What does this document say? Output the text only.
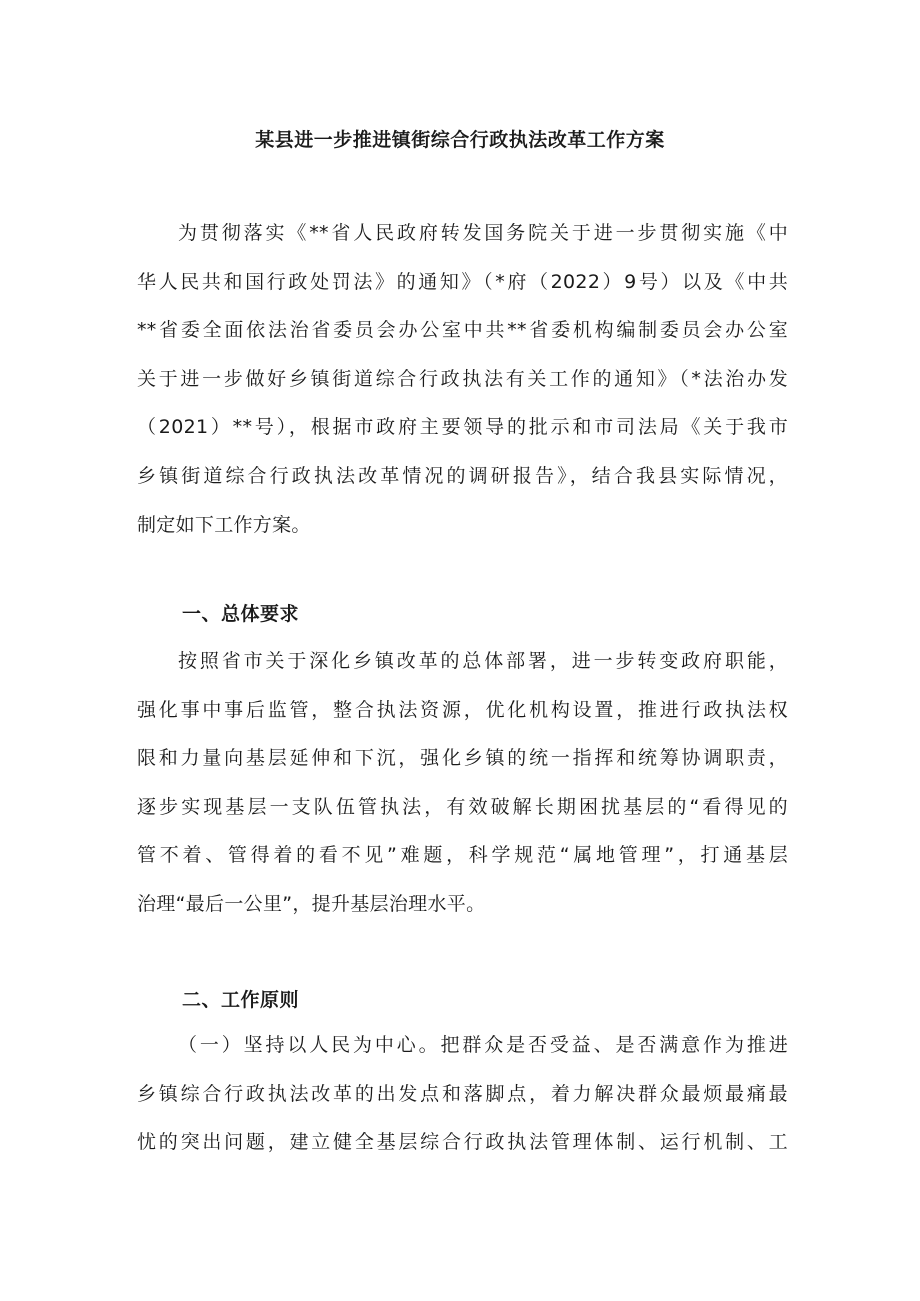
某县进一步推进镇街综合行政执法改革工作方案
为贯彻落实《**省人民政府转发国务院关于进一步贯彻实施《中
华人民共和国行政处罚法》的通知》（*府（2022）9号）以及《中共
**省委全面依法治省委员会办公室中共**省委机构编制委员会办公室
关于进一步做好乡镇街道综合行政执法有关工作的通知》（*法治办发
（2021）**号），根据市政府主要领导的批示和市司法局《关于我市
乡镇街道综合行政执法改革情况的调研报告》，结合我县实际情况，
制定如下工作方案。
一、总体要求
按照省市关于深化乡镇改革的总体部署，进一步转变政府职能，
强化事中事后监管，整合执法资源，优化机构设置，推进行政执法权
限和力量向基层延伸和下沉，强化乡镇的统一指挥和统筹协调职责，
逐步实现基层一支队伍管执法，有效破解长期困扰基层的“看得见的
管不着、管得着的看不见”难题，科学规范“属地管理”，打通基层
治理“最后一公里”，提升基层治理水平。
二、工作原则
（一）坚持以人民为中心。把群众是否受益、是否满意作为推进
乡镇综合行政执法改革的出发点和落脚点，着力解决群众最烦最痛最
忧的突出问题，建立健全基层综合行政执法管理体制、运行机制、工
